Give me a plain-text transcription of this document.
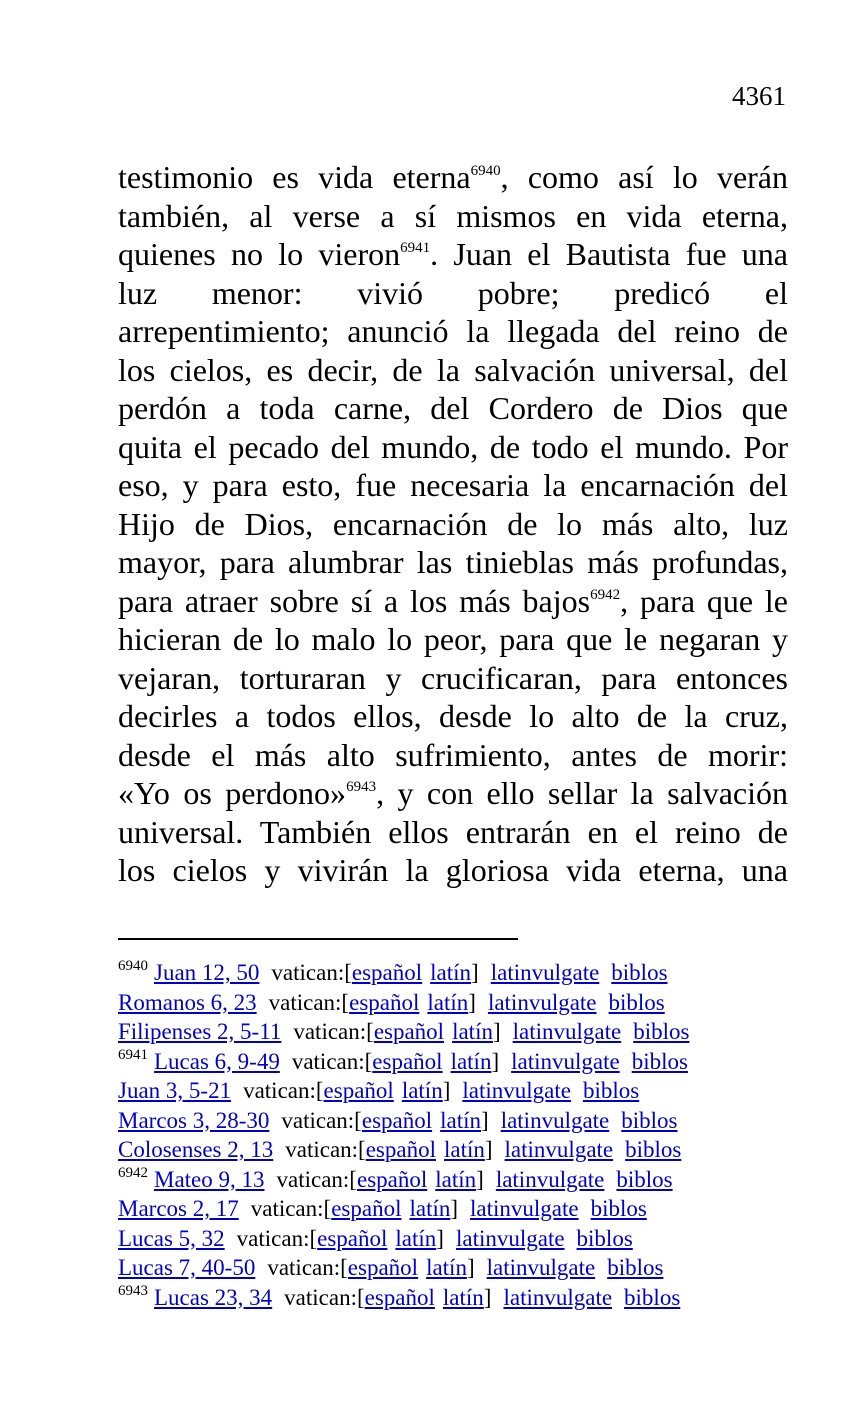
4361
testimonio es vida eterna$^{6940}$, como así lo verán
también, al verse a sí mismos en vida eterna,
quienes no lo vieron$^{6941}$. Juan el Bautista fue una
luz menor: vivió pobre; predicó el
arrepentimiento; anunció la llegada del reino de
los cielos, es decir, de la salvación universal, del
perdón a toda carne, del Cordero de Dios que
quita el pecado del mundo, de todo el mundo. Por
eso, y para esto, fue necesaria la encarnación del
Hijo de Dios, encarnación de lo más alto, luz
mayor, para alumbrar las tinieblas más profundas,
para atraer sobre sí a los más bajos$^{6942}$, para que le
hicieran de lo malo lo peor, para que le negaran y
vejaran, torturaran y crucificaran, para entonces
decirles a todos ellos, desde lo alto de la cruz,
desde el más alto sufrimiento, antes de morir:
«Yo os perdono»$^{6943}$, y con ello sellar la salvación
universal. También ellos entrarán en el reino de
los cielos y vivirán la gloriosa vida eterna, una
$^{6940}$ Juan 12, 50 vatican:[español latín] latinvulgate biblos
Romanos 6, 23 vatican:[español latín] latinvulgate biblos
Filipenses 2, 5-11 vatican:[español latín] latinvulgate biblos
$^{6941}$ Lucas 6, 9-49 vatican:[español latín] latinvulgate biblos
Juan 3, 5-21 vatican:[español latín] latinvulgate biblos
Marcos 3, 28-30 vatican:[español latín] latinvulgate biblos
Colosenses 2, 13 vatican:[español latín] latinvulgate biblos
$^{6942}$ Mateo 9, 13 vatican:[español latín] latinvulgate biblos
Marcos 2, 17 vatican:[español latín] latinvulgate biblos
Lucas 5, 32 vatican:[español latín] latinvulgate biblos
Lucas 7, 40-50 vatican:[español latín] latinvulgate biblos
$^{6943}$ Lucas 23, 34 vatican:[español latín] latinvulgate biblos
